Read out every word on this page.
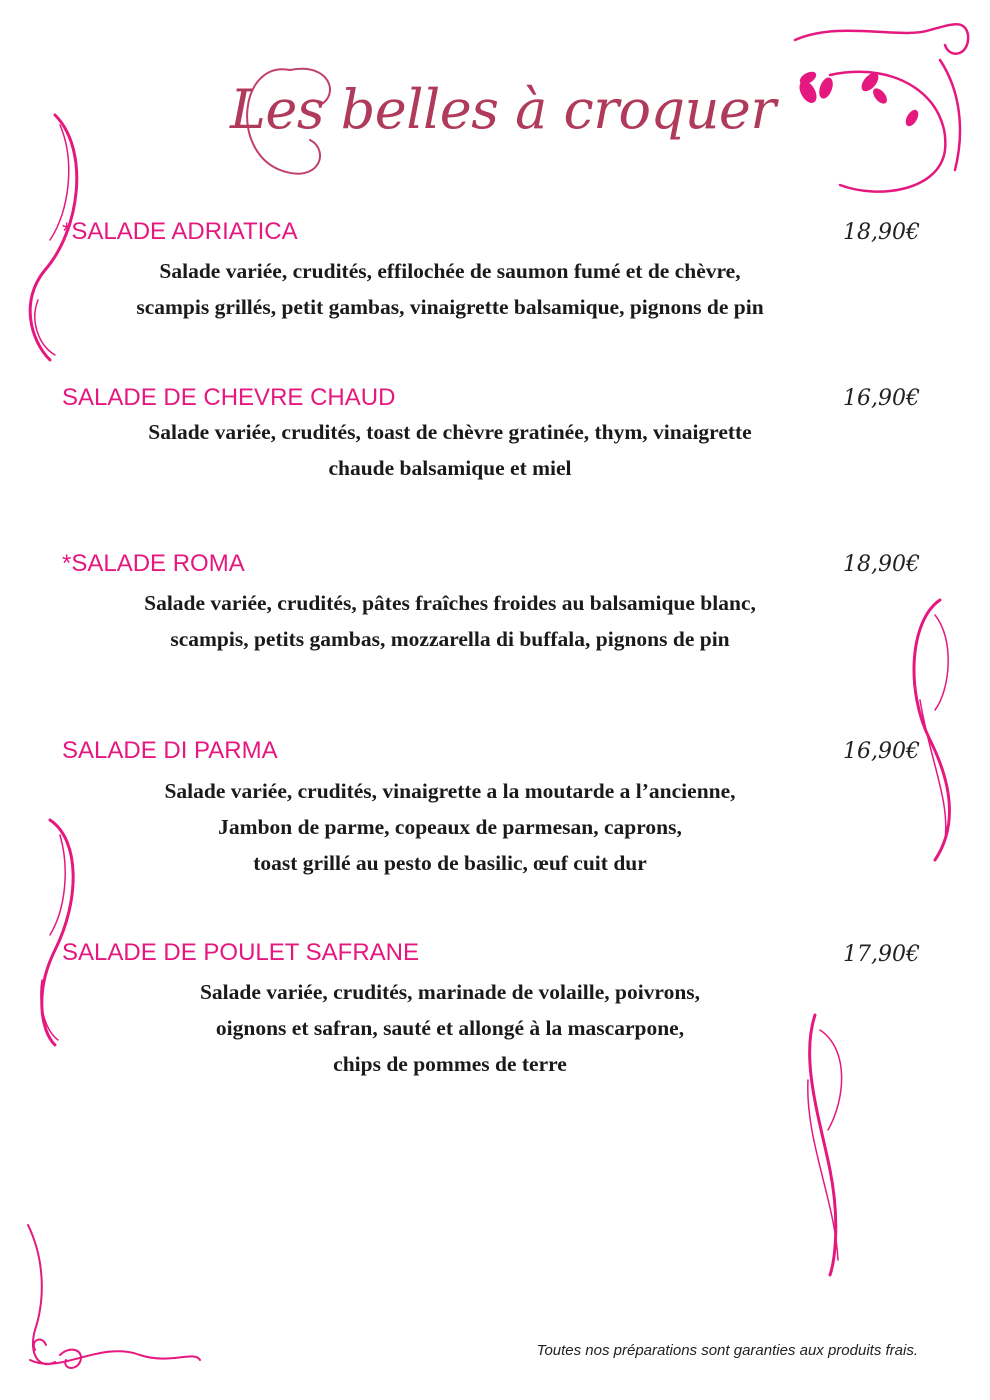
Les belles à croquer
*SALADE ADRIATICA	18,90€
Salade variée, crudités, effilochée de saumon fumé et de chèvre,
scampis grillés, petit gambas, vinaigrette balsamique, pignons de pin
SALADE DE CHEVRE CHAUD	16,90€
Salade variée, crudités, toast de chèvre gratinée, thym, vinaigrette
chaude balsamique et miel
*SALADE ROMA	18,90€
Salade variée, crudités, pâtes fraîches froides au balsamique blanc,
scampis, petits gambas, mozzarella di buffala, pignons de pin
SALADE DI PARMA	16,90€
Salade variée, crudités, vinaigrette a la moutarde a l’ancienne,
Jambon de parme, copeaux de parmesan, caprons,
toast grillé au pesto de basilic, œuf cuit dur
SALADE DE POULET SAFRANE	17,90€
Salade variée, crudités, marinade de volaille, poivrons,
oignons et safran, sauté et allongé à la mascarpone,
chips de pommes de terre
Toutes nos préparations sont garanties aux produits frais.
